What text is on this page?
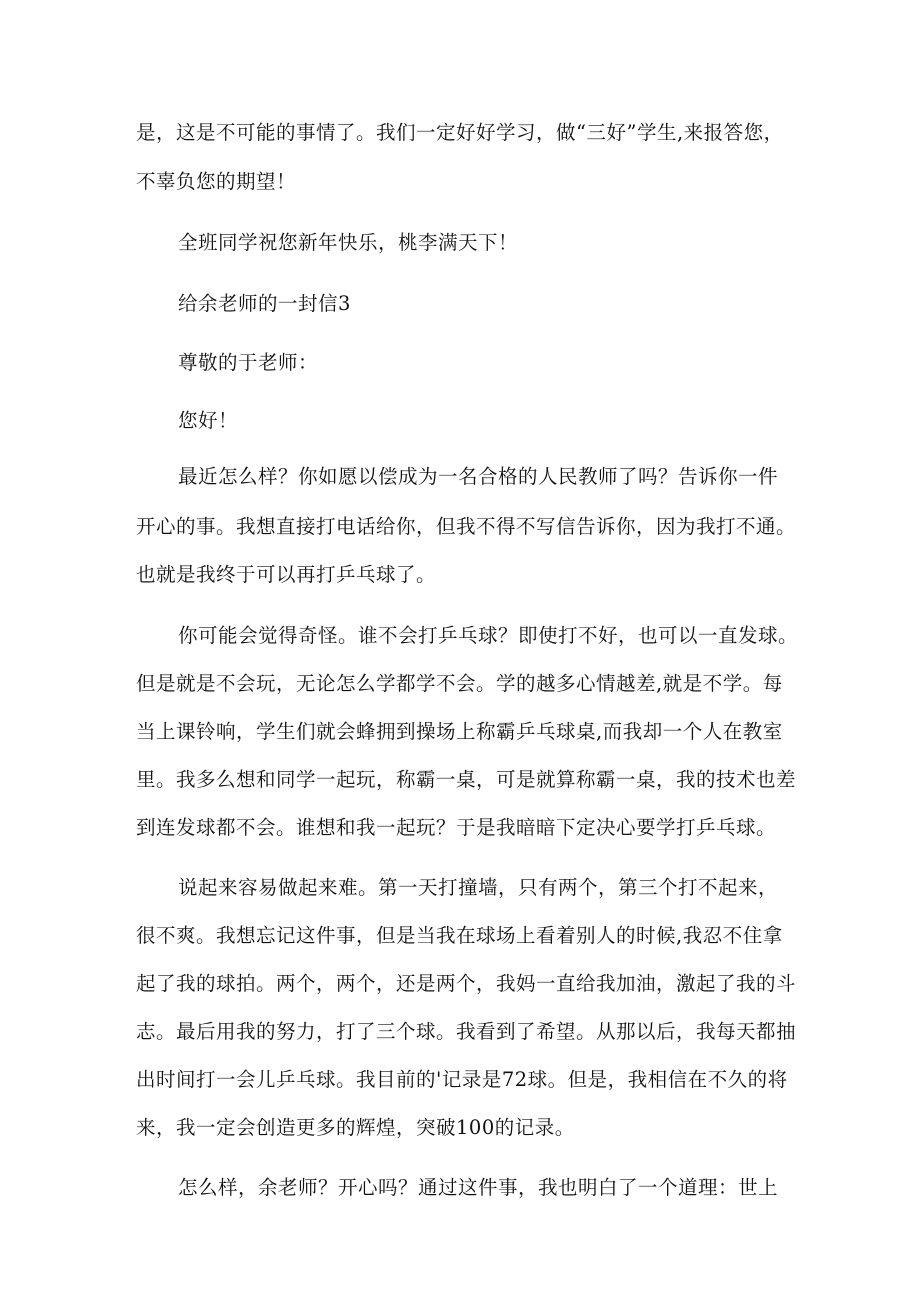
是，这是不可能的事情了。我们一定好好学习，做“三好”学生,来报答您，
不辜负您的期望！
全班同学祝您新年快乐，桃李满天下！
给余老师的一封信3
尊敬的于老师：
您好！
最近怎么样？你如愿以偿成为一名合格的人民教师了吗？告诉你一件
开心的事。我想直接打电话给你，但我不得不写信告诉你，因为我打不通。
也就是我终于可以再打乒乓球了。
你可能会觉得奇怪。谁不会打乒乓球？即使打不好，也可以一直发球。
但是就是不会玩，无论怎么学都学不会。学的越多心情越差,就是不学。每
当上课铃响，学生们就会蜂拥到操场上称霸乒乓球桌,而我却一个人在教室
里。我多么想和同学一起玩，称霸一桌，可是就算称霸一桌，我的技术也差
到连发球都不会。谁想和我一起玩？于是我暗暗下定决心要学打乒乓球。
说起来容易做起来难。第一天打撞墙，只有两个，第三个打不起来，
很不爽。我想忘记这件事，但是当我在球场上看着别人的时候,我忍不住拿
起了我的球拍。两个，两个，还是两个，我妈一直给我加油，激起了我的斗
志。最后用我的努力，打了三个球。我看到了希望。从那以后，我每天都抽
出时间打一会儿乒乓球。我目前的'记录是72球。但是，我相信在不久的将
来，我一定会创造更多的辉煌，突破100的记录。
怎么样，余老师？开心吗？通过这件事，我也明白了一个道理：世上
